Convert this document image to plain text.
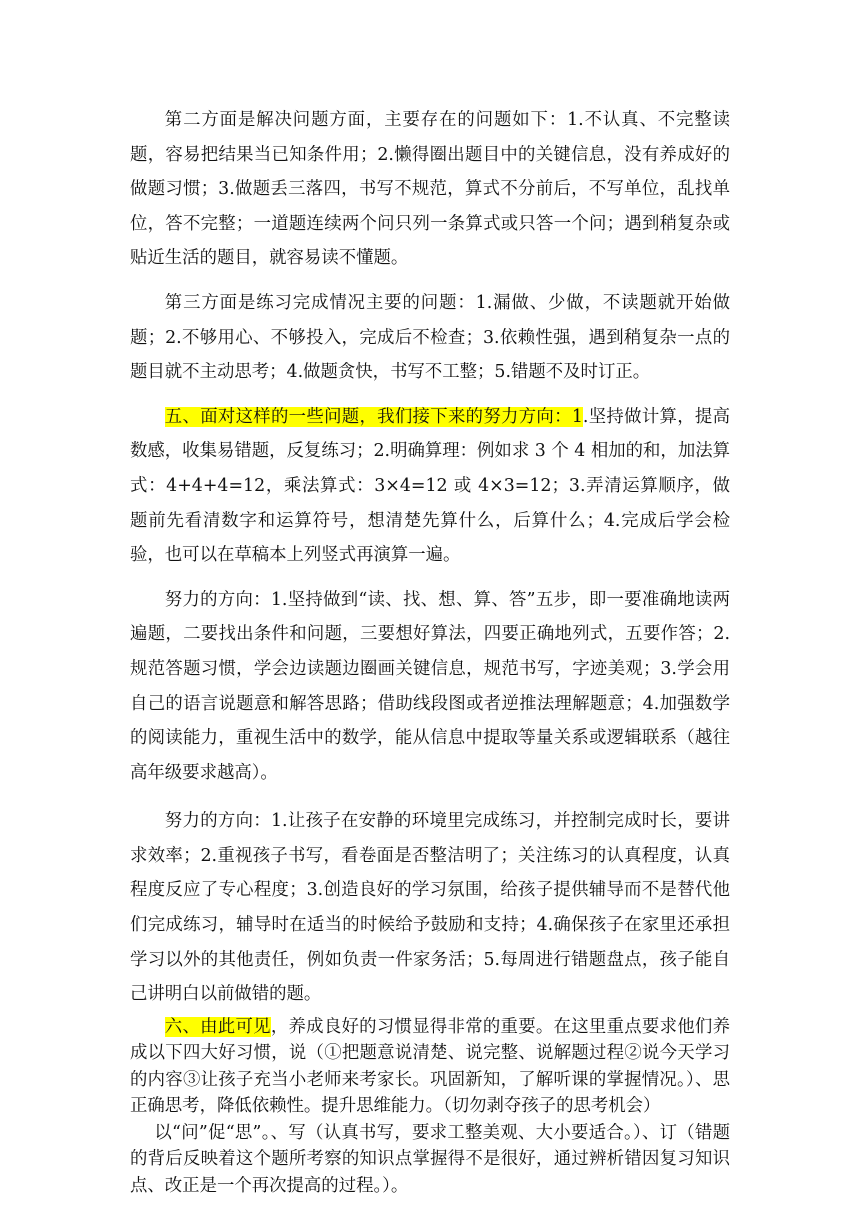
第二方面是解决问题方面，主要存在的问题如下：1.不认真、不完整读题，容易把结果当已知条件用；2.懒得圈出题目中的关键信息，没有养成好的做题习惯；3.做题丢三落四，书写不规范，算式不分前后，不写单位，乱找单位，答不完整；一道题连续两个问只列一条算式或只答一个问；遇到稍复杂或贴近生活的题目，就容易读不懂题。

第三方面是练习完成情况主要的问题：1.漏做、少做，不读题就开始做题；2.不够用心、不够投入，完成后不检查；3.依赖性强，遇到稍复杂一点的题目就不主动思考；4.做题贪快，书写不工整；5.错题不及时订正。

五、面对这样的一些问题，我们接下来的努力方向：1.坚持做计算，提高数感，收集易错题，反复练习；2.明确算理：例如求 3 个 4 相加的和，加法算式：4+4+4=12，乘法算式：3×4=12 或 4×3=12；3.弄清运算顺序，做题前先看清数字和运算符号，想清楚先算什么，后算什么；4.完成后学会检验，也可以在草稿本上列竖式再演算一遍。

努力的方向：1.坚持做到“读、找、想、算、答”五步，即一要准确地读两遍题，二要找出条件和问题，三要想好算法，四要正确地列式，五要作答；2.规范答题习惯，学会边读题边圈画关键信息，规范书写，字迹美观；3.学会用自己的语言说题意和解答思路；借助线段图或者逆推法理解题意；4.加强数学的阅读能力，重视生活中的数学，能从信息中提取等量关系或逻辑联系（越往高年级要求越高）。

努力的方向：1.让孩子在安静的环境里完成练习，并控制完成时长，要讲求效率；2.重视孩子书写，看卷面是否整洁明了；关注练习的认真程度，认真程度反应了专心程度；3.创造良好的学习氛围，给孩子提供辅导而不是替代他们完成练习，辅导时在适当的时候给予鼓励和支持；4.确保孩子在家里还承担学习以外的其他责任，例如负责一件家务活；5.每周进行错题盘点，孩子能自己讲明白以前做错的题。

六、由此可见，养成良好的习惯显得非常的重要。在这里重点要求他们养成以下四大好习惯，说（①把题意说清楚、说完整、说解题过程②说今天学习的内容③让孩子充当小老师来考家长。巩固新知，了解听课的掌握情况。）、思正确思考，降低依赖性。提升思维能力。（切勿剥夺孩子的思考机会）

以“问”促“思”。、写（认真书写，要求工整美观、大小要适合。）、订（错题的背后反映着这个题所考察的知识点掌握得不是很好，通过辨析错因复习知识点、改正是一个再次提高的过程。）。
